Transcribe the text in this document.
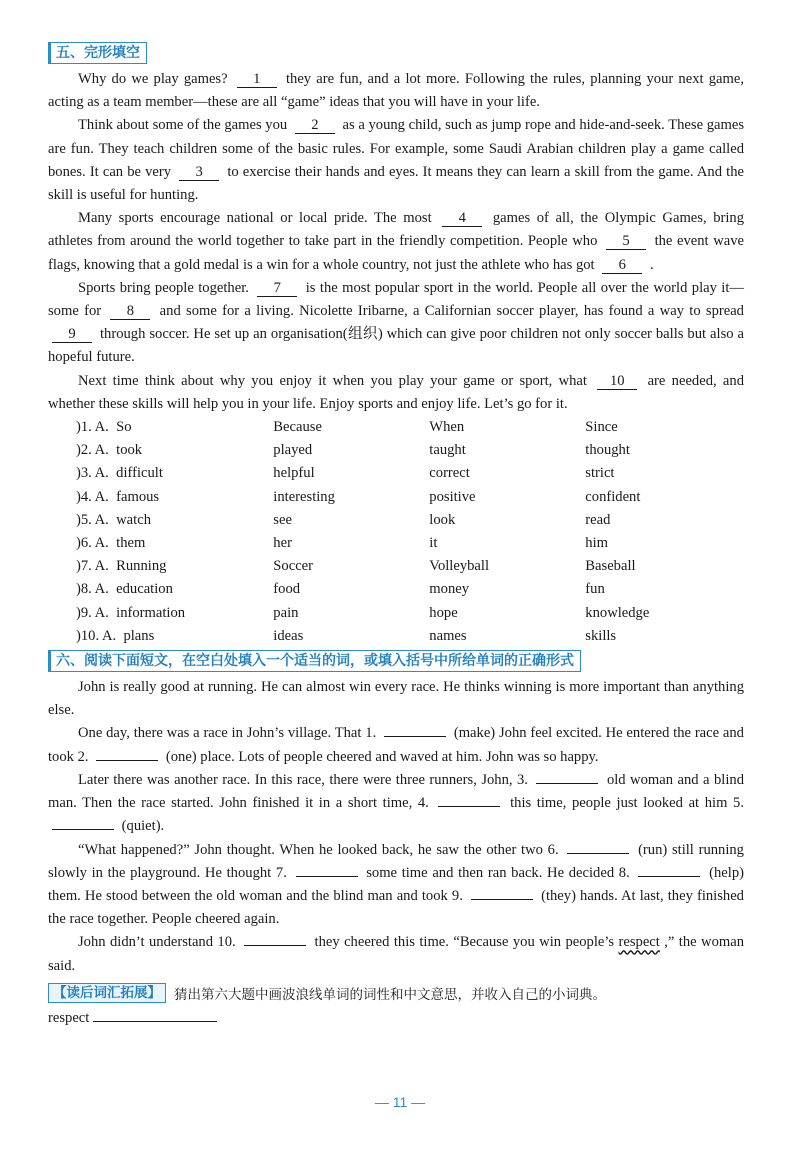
五、完形填空

Why do we play games? 1 they are fun, and a lot more. Following the rules, planning your next game, acting as a team member—these are all “game” ideas that you will have in your life.

Think about some of the games you 2 as a young child, such as jump rope and hide-and-seek. These games are fun. They teach children some of the basic rules. For example, some Saudi Arabian children play a game called bones. It can be very 3 to exercise their hands and eyes. It means they can learn a skill from the game. And the skill is useful for hunting.

Many sports encourage national or local pride. The most 4 games of all, the Olympic Games, bring athletes from around the world together to take part in the friendly competition. People who 5 the event wave flags, knowing that a gold medal is a win for a whole country, not just the athlete who has got 6 .

Sports bring people together. 7 is the most popular sport in the world. People all over the world play it—some for 8 and some for a living. Nicolette Iribarne, a Californian soccer player, has found a way to spread 9 through soccer. He set up an organisation(组织) which can give poor children not only soccer balls but also a hopeful future.

Next time think about why you enjoy it when you play your game or sport, what 10 are needed, and whether these skills will help you in your life. Enjoy sports and enjoy life. Let’s go for it.

)1. A.  So	 Because	 When	 Since
)2. A.  took	 played	 taught	 thought
)3. A.  difficult	 helpful	 correct	 strict
)4. A.  famous	 interesting	 positive	 confident
)5. A.  watch	 see	 look	 read
)6. A.  them	 her	 it	 him
)7. A.  Running	 Soccer	 Volleyball	 Baseball
)8. A.  education	 food	 money	 fun
)9. A.  information	 pain	 hope	 knowledge
)10. A.  plans	 ideas	 names	 skills
六、阅读下面短文，在空白处填入一个适当的词，或填入括号中所给单词的正确形式

John is really good at running. He can almost win every race. He thinks winning is more important than anything else.

One day, there was a race in John’s village. That 1.	(make) John feel excited. He entered the race and took 2.	(one) place. Lots of people cheered and waved at him. John was so happy.

Later there was another race. In this race, there were three runners, John, 3.	old woman and a blind man. Then the race started. John finished it in a short time, 4.	this time, people just looked at him 5.  (quiet).

“What happened?” John thought. When he looked back, he saw the other two 6.	(run) still running slowly in the playground. He thought 7.	some time and then ran back. He decided 8.	(help) them. He stood between the old woman and the blind man and took 9.	(they) hands. At last, they finished the race together. People cheered again.

John didn’t understand 10.	they cheered this time. “Because you win people’s respect ,” the woman said.

【读后词汇拓展】 猜出第六大题中画波浪线单词的词性和中文意思，并收入自己的小词典。
respect
— 11 —
